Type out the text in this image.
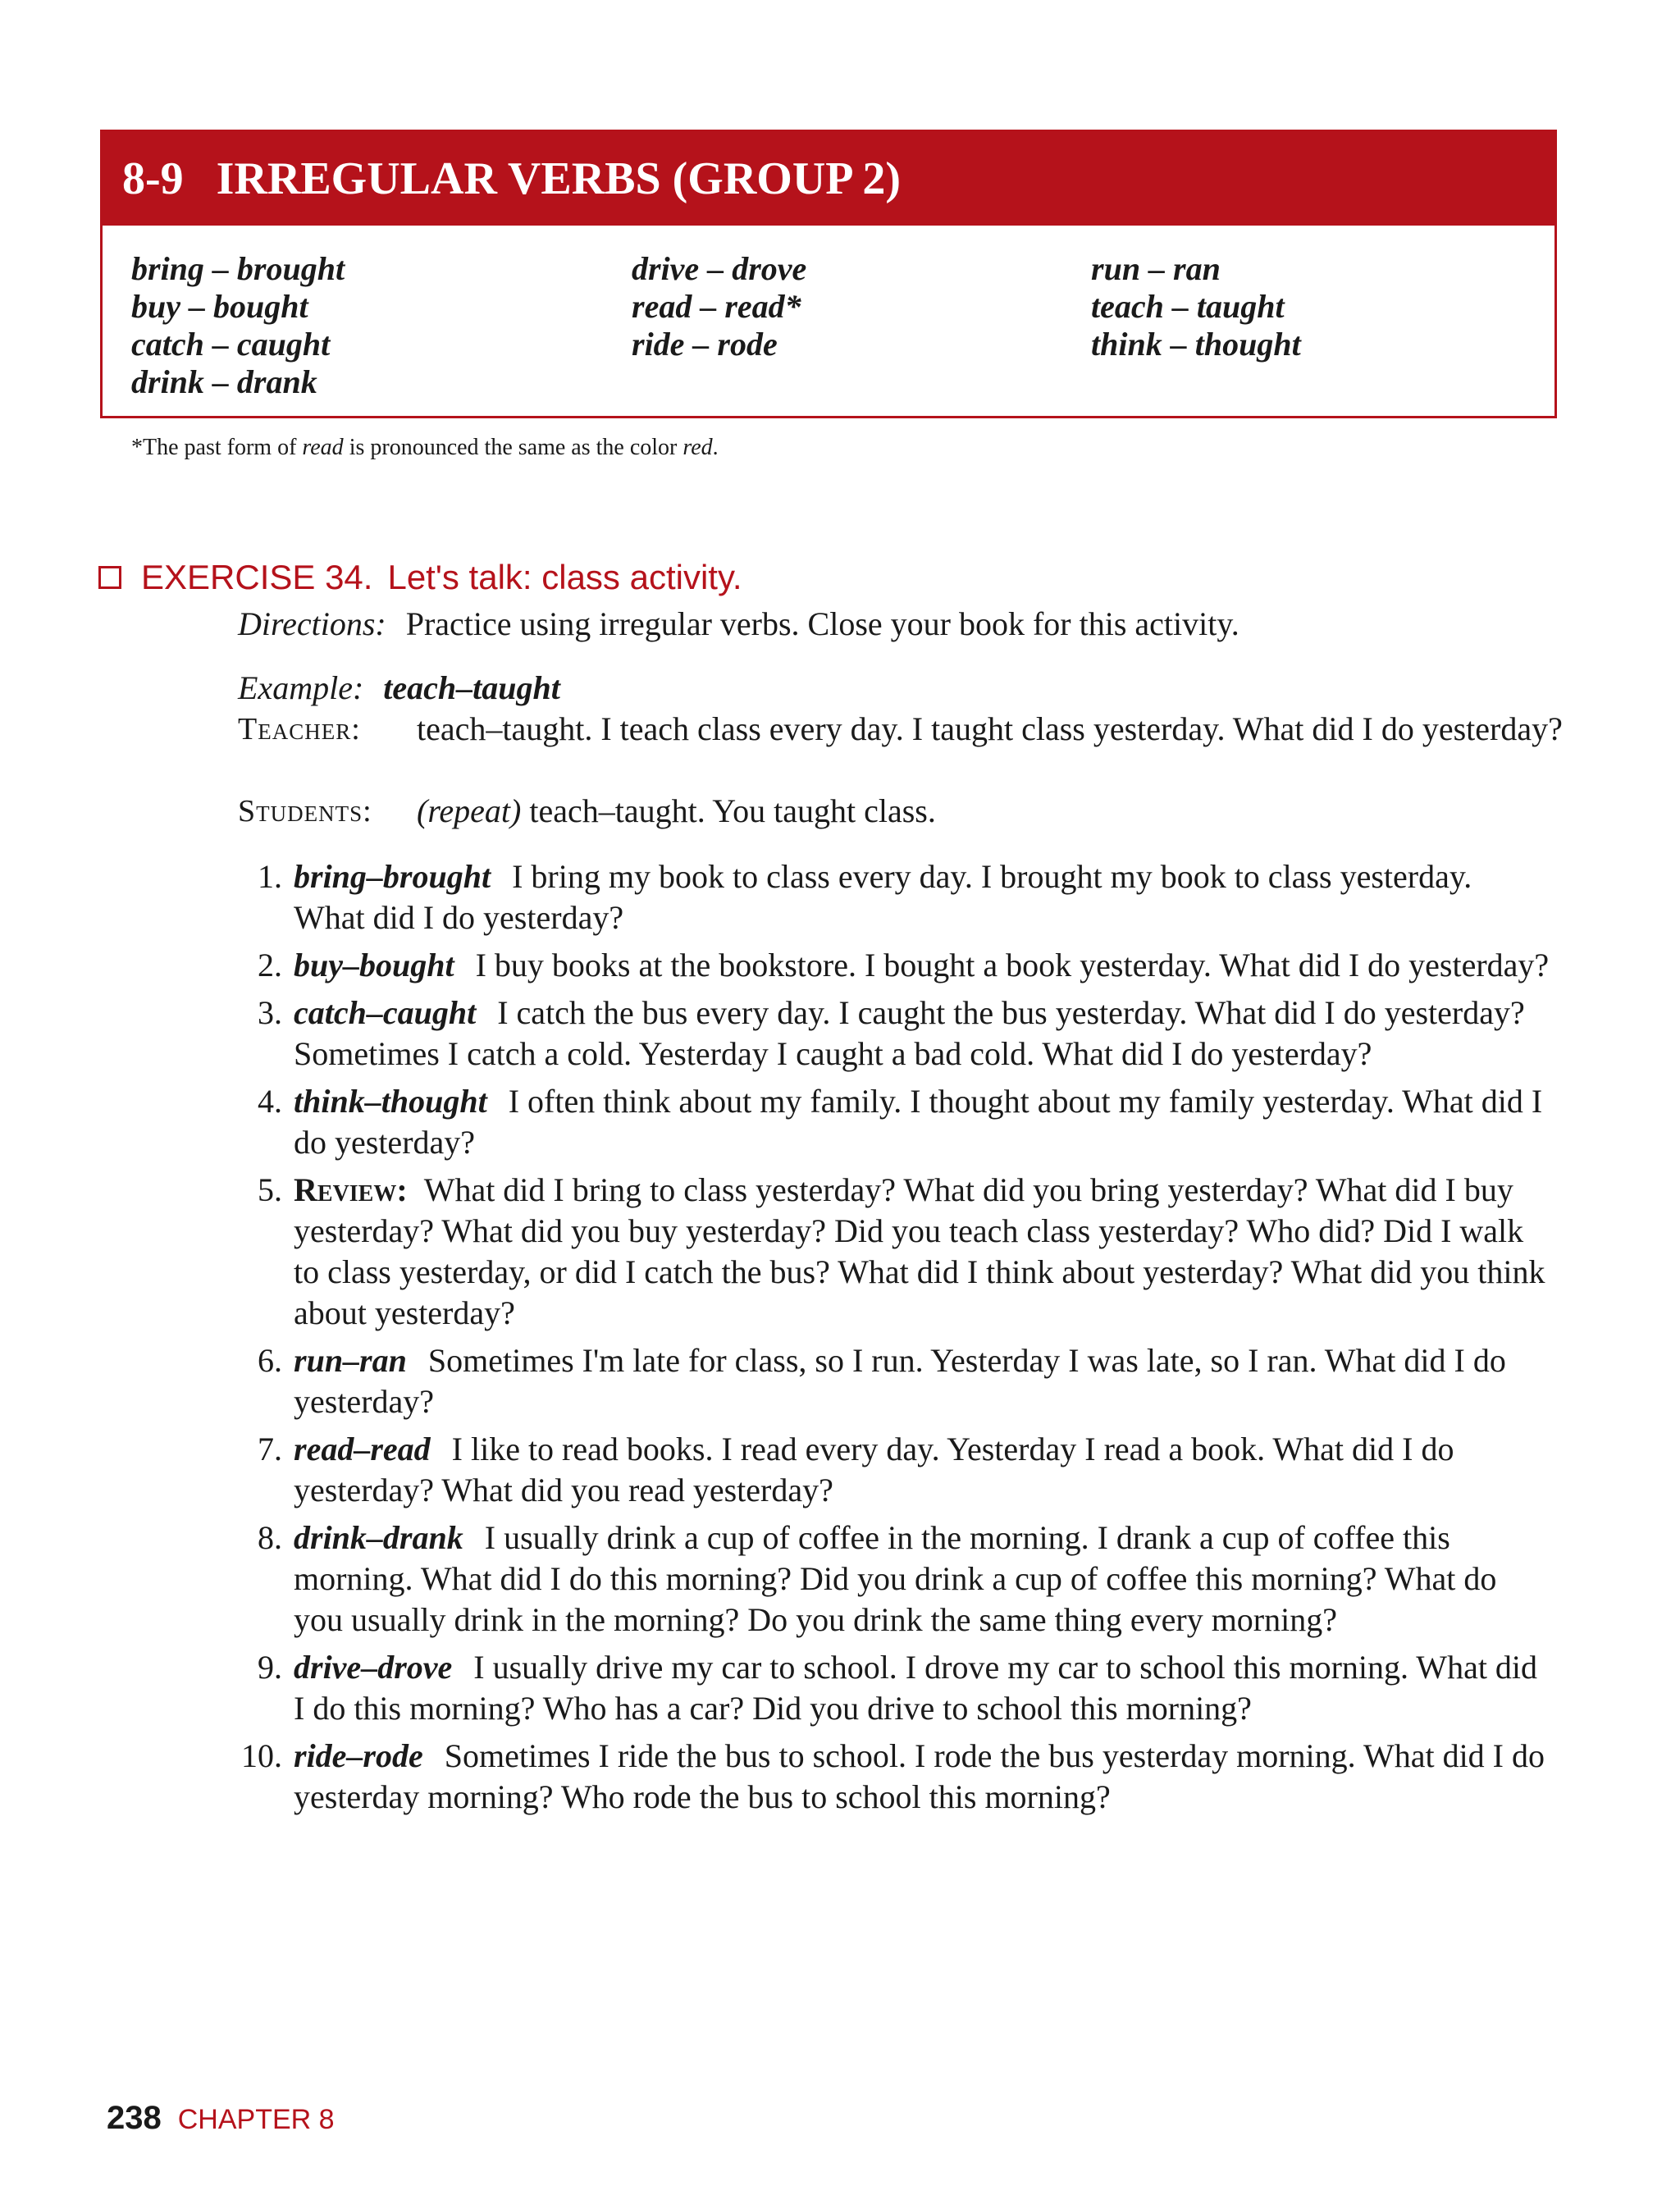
8-9 IRREGULAR VERBS (GROUP 2)
bring – brought
buy – bought
catch – caught
drink – drank
drive – drove
read – read*
ride – rode
run – ran
teach – taught
think – thought
*The past form of read is pronounced the same as the color red.
EXERCISE 34. Let's talk: class activity.
Directions: Practice using irregular verbs. Close your book for this activity.
Example: teach–taught
Teacher: teach–taught. I teach class every day. I taught class yesterday. What did I do yesterday?
Students: (repeat) teach–taught. You taught class.
1. bring–brought I bring my book to class every day. I brought my book to class yesterday. What did I do yesterday?
2. buy–bought I buy books at the bookstore. I bought a book yesterday. What did I do yesterday?
3. catch–caught I catch the bus every day. I caught the bus yesterday. What did I do yesterday? Sometimes I catch a cold. Yesterday I caught a bad cold. What did I do yesterday?
4. think–thought I often think about my family. I thought about my family yesterday. What did I do yesterday?
5. Review: What did I bring to class yesterday? What did you bring yesterday? What did I buy yesterday? What did you buy yesterday? Did you teach class yesterday? Who did? Did I walk to class yesterday, or did I catch the bus? What did I think about yesterday? What did you think about yesterday?
6. run–ran Sometimes I'm late for class, so I run. Yesterday I was late, so I ran. What did I do yesterday?
7. read–read I like to read books. I read every day. Yesterday I read a book. What did I do yesterday? What did you read yesterday?
8. drink–drank I usually drink a cup of coffee in the morning. I drank a cup of coffee this morning. What did I do this morning? Did you drink a cup of coffee this morning? What do you usually drink in the morning? Do you drink the same thing every morning?
9. drive–drove I usually drive my car to school. I drove my car to school this morning. What did I do this morning? Who has a car? Did you drive to school this morning?
10. ride–rode Sometimes I ride the bus to school. I rode the bus yesterday morning. What did I do yesterday morning? Who rode the bus to school this morning?
238 CHAPTER 8
